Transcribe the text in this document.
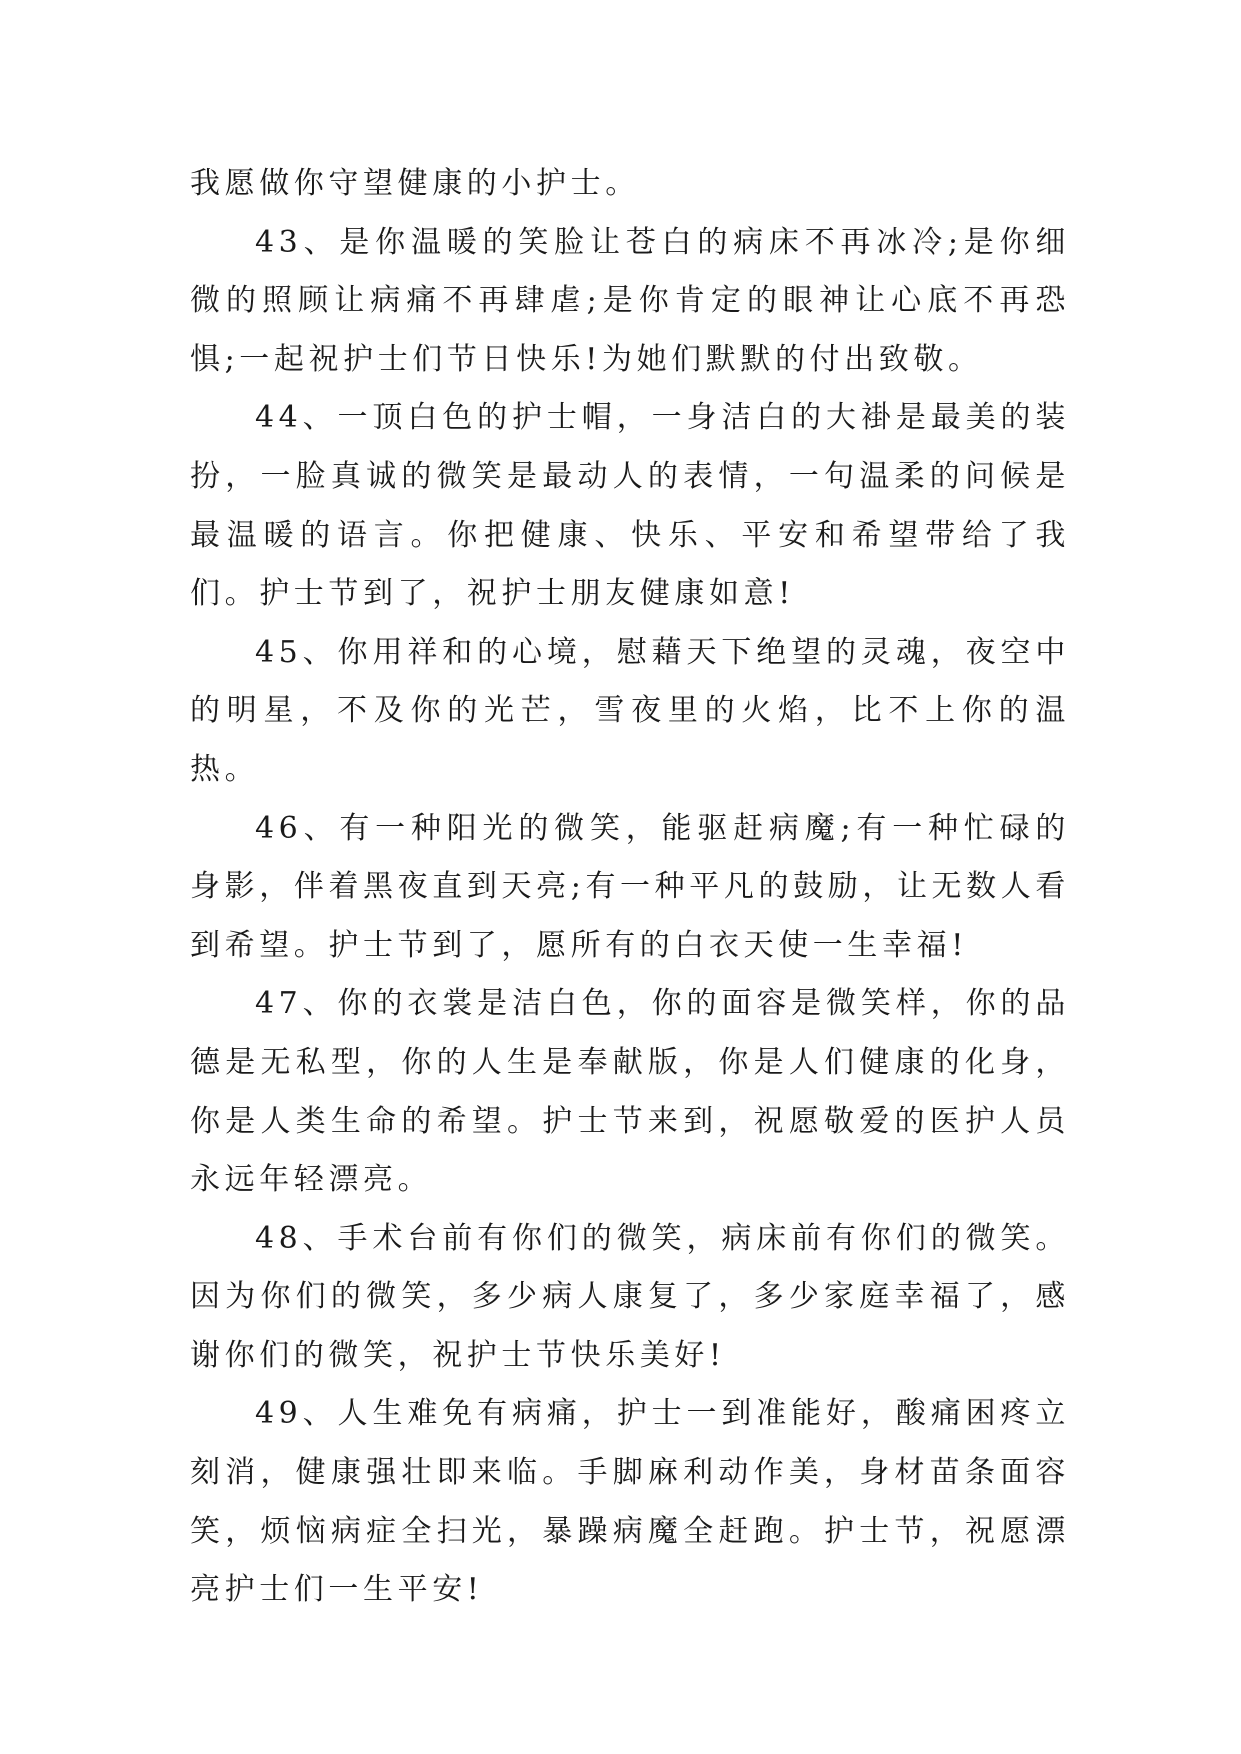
我愿做你守望健康的小护士。

43、是你温暖的笑脸让苍白的病床不再冰冷;是你细微的照顾让病痛不再肆虐;是你肯定的眼神让心底不再恐惧;一起祝护士们节日快乐!为她们默默的付出致敬。

44、一顶白色的护士帽，一身洁白的大褂是最美的装扮，一脸真诚的微笑是最动人的表情，一句温柔的问候是最温暖的语言。你把健康、快乐、平安和希望带给了我们。护士节到了，祝护士朋友健康如意!

45、你用祥和的心境，慰藉天下绝望的灵魂，夜空中的明星，不及你的光芒，雪夜里的火焰，比不上你的温热。

46、有一种阳光的微笑，能驱赶病魔;有一种忙碌的身影，伴着黑夜直到天亮;有一种平凡的鼓励，让无数人看到希望。护士节到了，愿所有的白衣天使一生幸福!

47、你的衣裳是洁白色，你的面容是微笑样，你的品德是无私型，你的人生是奉献版，你是人们健康的化身，你是人类生命的希望。护士节来到，祝愿敬爱的医护人员永远年轻漂亮。

48、手术台前有你们的微笑，病床前有你们的微笑。因为你们的微笑，多少病人康复了，多少家庭幸福了，感谢你们的微笑，祝护士节快乐美好!

49、人生难免有病痛，护士一到准能好，酸痛困疼立刻消，健康强壮即来临。手脚麻利动作美，身材苗条面容笑，烦恼病症全扫光，暴躁病魔全赶跑。护士节，祝愿漂亮护士们一生平安!
